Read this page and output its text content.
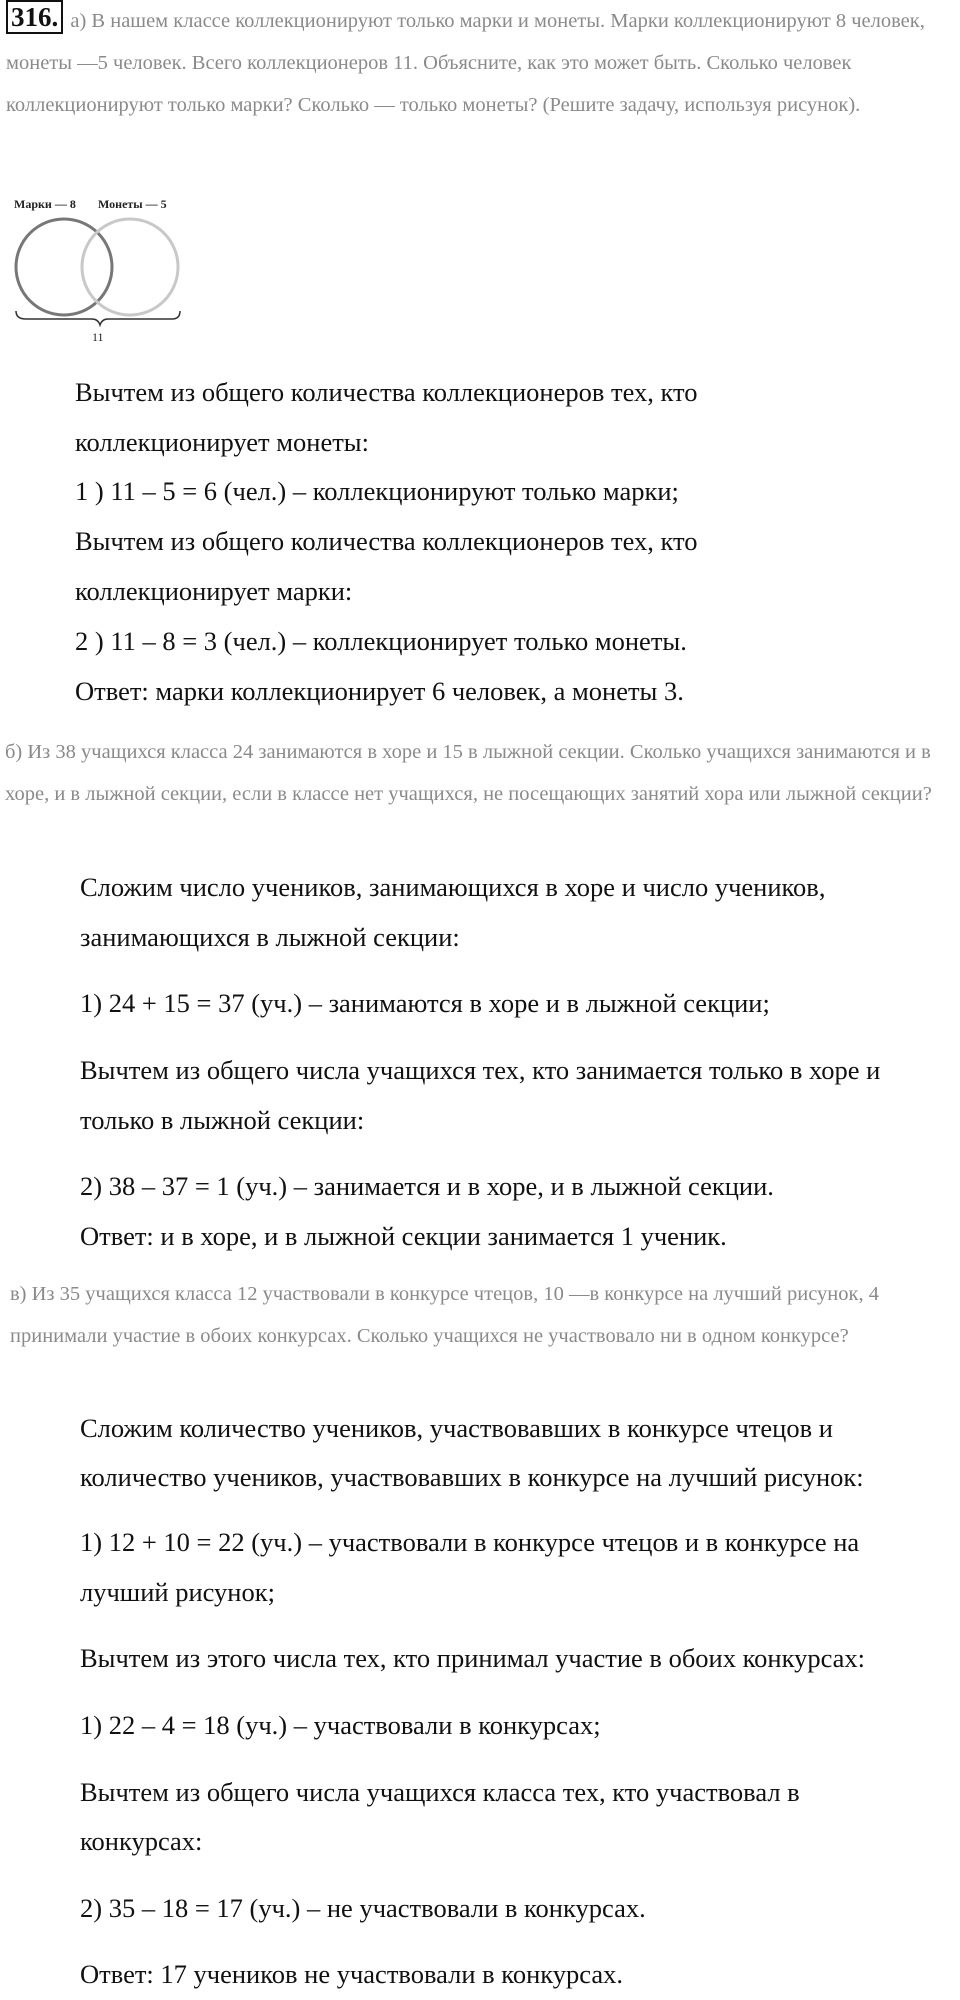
316. а) В нашем классе коллекционируют только марки и монеты. Марки коллекционируют 8 человек, монеты —5 человек. Всего коллекционеров 11. Объясните, как это может быть. Сколько человек коллекционируют только марки? Сколько — только монеты? (Решите задачу, используя рисунок).

Марки — 8 Монеты — 5
11

Вычтем из общего количества коллекционеров тех, кто

коллекционирует монеты:

1 ) 11 – 5 = 6 (чел.) – коллекционируют только марки;

Вычтем из общего количества коллекционеров тех, кто

коллекционирует марки:

2 ) 11 – 8 = 3 (чел.) – коллекционирует только монеты.

Ответ: марки коллекционирует 6 человек, а монеты 3.

б) Из 38 учащихся класса 24 занимаются в хоре и 15 в лыжной секции. Сколько учащихся занимаются и в хоре, и в лыжной секции, если в классе нет учащихся, не посещающих занятий хора или лыжной секции?

Сложим число учеников, занимающихся в хоре и число учеников,

занимающихся в лыжной секции:

1) 24 + 15 = 37 (уч.) – занимаются в хоре и в лыжной секции;

Вычтем из общего числа учащихся тех, кто занимается только в хоре и

только в лыжной секции:

2) 38 – 37 = 1 (уч.) – занимается и в хоре, и в лыжной секции.

Ответ: и в хоре, и в лыжной секции занимается 1 ученик.

в) Из 35 учащихся класса 12 участвовали в конкурсе чтецов, 10 —в конкурсе на лучший рисунок, 4 принимали участие в обоих конкурсах. Сколько учащихся не участвовало ни в одном конкурсе?

Сложим количество учеников, участвовавших в конкурсе чтецов и

количество учеников, участвовавших в конкурсе на лучший рисунок:

1) 12 + 10 = 22 (уч.) – участвовали в конкурсе чтецов и в конкурсе на

лучший рисунок;

Вычтем из этого числа тех, кто принимал участие в обоих конкурсах:

1) 22 – 4 = 18 (уч.) – участвовали в конкурсах;

Вычтем из общего числа учащихся класса тех, кто участвовал в

конкурсах:

2) 35 – 18 = 17 (уч.) – не участвовали в конкурсах.

Ответ: 17 учеников не участвовали в конкурсах.
